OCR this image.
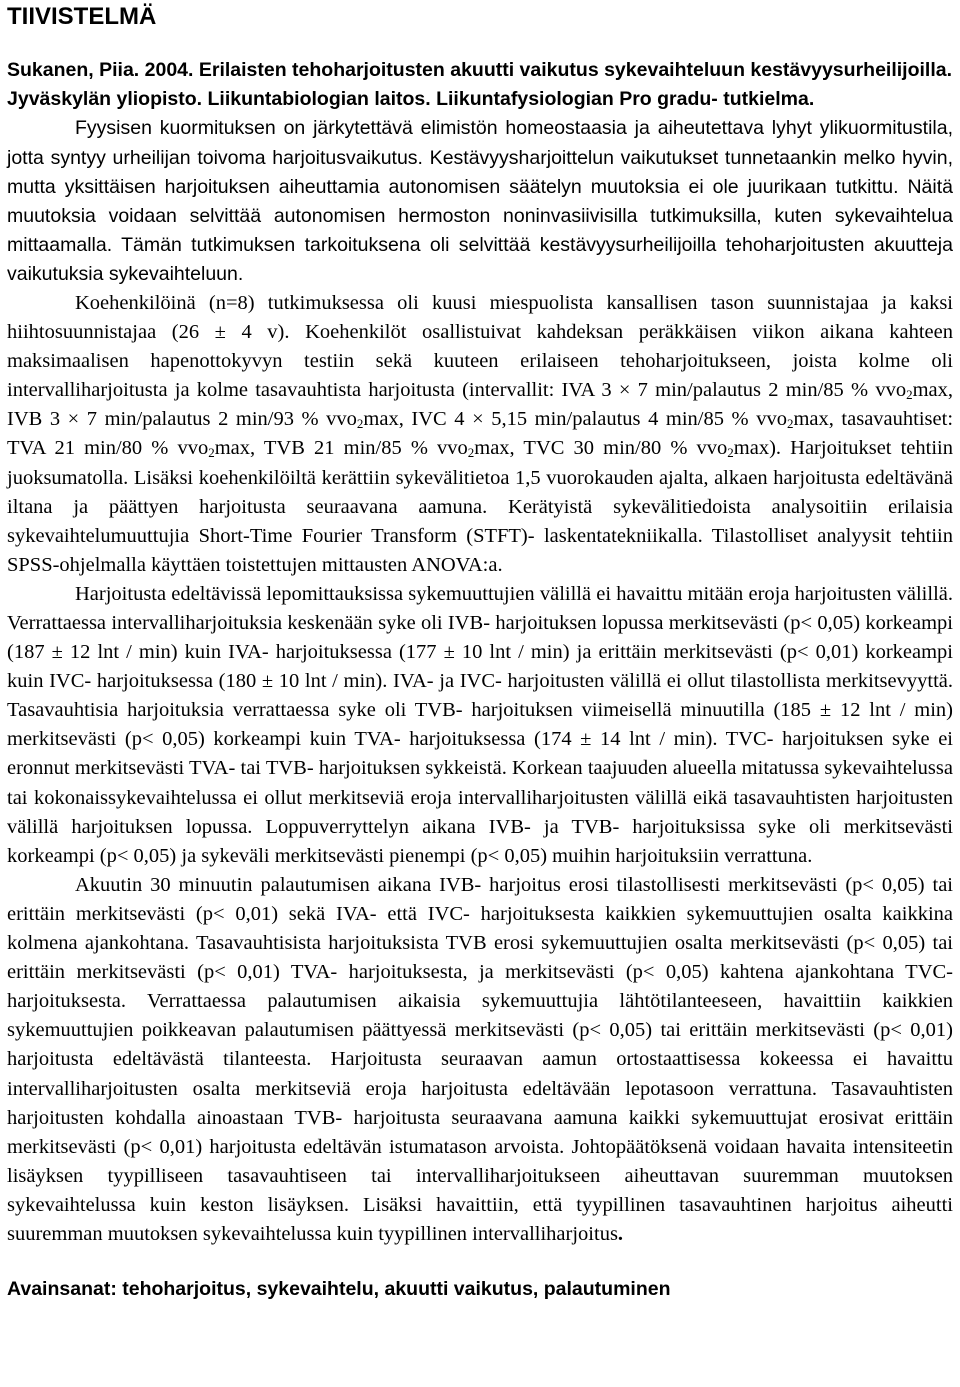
TIIVISTELMÄ

Sukanen, Piia. 2004. Erilaisten tehoharjoitusten akuutti vaikutus sykevaihteluun kestävyysurheilijoilla. Jyväskylän yliopisto. Liikuntabiologian laitos. Liikuntafysiologian Pro gradu- tutkielma.

Fyysisen kuormituksen on järkytettävä elimistön homeostaasia ja aiheutettava lyhyt ylikuormitustila, jotta syntyy urheilijan toivoma harjoitusvaikutus. Kestävyysharjoittelun vaikutukset tunnetaankin melko hyvin, mutta yksittäisen harjoituksen aiheuttamia autonomisen säätelyn muutoksia ei ole juurikaan tutkittu. Näitä muutoksia voidaan selvittää autonomisen hermoston noninvasiivisilla tutkimuksilla, kuten sykevaihtelua mittaamalla. Tämän tutkimuksen tarkoituksena oli selvittää kestävyysurheilijoilla tehoharjoitusten akuutteja vaikutuksia sykevaihteluun.

Koehenkilöinä (n=8) tutkimuksessa oli kuusi miespuolista kansallisen tason suunnistajaa ja kaksi hiihtosuunnistajaa (26 ± 4 v). Koehenkilöt osallistuivat kahdeksan peräkkäisen viikon aikana kahteen maksimaalisen hapenottokyvyn testiin sekä kuuteen erilaiseen tehoharjoitukseen, joista kolme oli intervalliharjoitusta ja kolme tasavauhtista harjoitusta (intervallit: IVA 3 × 7 min/palautus 2 min/85 % vvo$_2$max, IVB 3 × 7 min/palautus 2 min/93 % vvo$_2$max, IVC 4 × 5,15 min/palautus 4 min/85 % vvo$_2$max, tasavauhtiset: TVA 21 min/80 % vvo$_2$max, TVB 21 min/85 % vvo$_2$max, TVC 30 min/80 % vvo$_2$max). Harjoitukset tehtiin juoksumatolla. Lisäksi koehenkilöiltä kerättiin sykevälitietoa 1,5 vuorokauden ajalta, alkaen harjoitusta edeltävänä iltana ja päättyen harjoitusta seuraavana aamuna. Kerätyistä sykevälitiedoista analysoitiin erilaisia sykevaihtelumuuttujia Short-Time Fourier Transform (STFT)- laskentatekniikalla. Tilastolliset analyysit tehtiin SPSS-ohjelmalla käyttäen toistettujen mittausten ANOVA:a.

Harjoitusta edeltävissä lepomittauksissa sykemuuttujien välillä ei havaittu mitään eroja harjoitusten välillä. Verrattaessa intervalliharjoituksia keskenään syke oli IVB- harjoituksen lopussa merkitsevästi (p< 0,05) korkeampi (187 ± 12 lnt / min) kuin IVA- harjoituksessa (177 ± 10 lnt / min) ja erittäin merkitsevästi (p< 0,01) korkeampi kuin IVC- harjoituksessa (180 ± 10 lnt / min). IVA- ja IVC- harjoitusten välillä ei ollut tilastollista merkitsevyyttä. Tasavauhtisia harjoituksia verrattaessa syke oli TVB- harjoituksen viimeisellä minuutilla (185 ± 12 lnt / min) merkitsevästi (p< 0,05) korkeampi kuin TVA- harjoituksessa (174 ± 14 lnt / min). TVC- harjoituksen syke ei eronnut merkitsevästi TVA- tai TVB- harjoituksen sykkeistä. Korkean taajuuden alueella mitatussa sykevaihtelussa tai kokonaissykevaihtelussa ei ollut merkitseviä eroja intervalliharjoitusten välillä eikä tasavauhtisten harjoitusten välillä harjoituksen lopussa. Loppuverryttelyn aikana IVB- ja TVB- harjoituksissa syke oli merkitsevästi korkeampi (p< 0,05) ja sykeväli merkitsevästi pienempi (p< 0,05) muihin harjoituksiin verrattuna.

Akuutin 30 minuutin palautumisen aikana IVB- harjoitus erosi tilastollisesti merkitsevästi (p< 0,05) tai erittäin merkitsevästi (p< 0,01) sekä IVA- että IVC- harjoituksesta kaikkien sykemuuttujien osalta kaikkina kolmena ajankohtana. Tasavauhtisista harjoituksista TVB erosi sykemuuttujien osalta merkitsevästi (p< 0,05) tai erittäin merkitsevästi (p< 0,01) TVA- harjoituksesta, ja merkitsevästi (p< 0,05) kahtena ajankohtana TVC- harjoituksesta. Verrattaessa palautumisen aikaisia sykemuuttujia lähtötilanteeseen, havaittiin kaikkien sykemuuttujien poikkeavan palautumisen päättyessä merkitsevästi (p< 0,05) tai erittäin merkitsevästi (p< 0,01) harjoitusta edeltävästä tilanteesta. Harjoitusta seuraavan aamun ortostaattisessa kokeessa ei havaittu intervalliharjoitusten osalta merkitseviä eroja harjoitusta edeltävään lepotasoon verrattuna. Tasavauhtisten harjoitusten kohdalla ainoastaan TVB- harjoitusta seuraavana aamuna kaikki sykemuuttujat erosivat erittäin merkitsevästi (p< 0,01) harjoitusta edeltävän istumatason arvoista. Johtopäätöksenä voidaan havaita intensiteetin lisäyksen tyypilliseen tasavauhtiseen tai intervalliharjoitukseen aiheuttavan suuremman muutoksen sykevaihtelussa kuin keston lisäyksen. Lisäksi havaittiin, että tyypillinen tasavauhtinen harjoitus aiheutti suuremman muutoksen sykevaihtelussa kuin tyypillinen intervalliharjoitus.

Avainsanat: tehoharjoitus, sykevaihtelu, akuutti vaikutus, palautuminen
